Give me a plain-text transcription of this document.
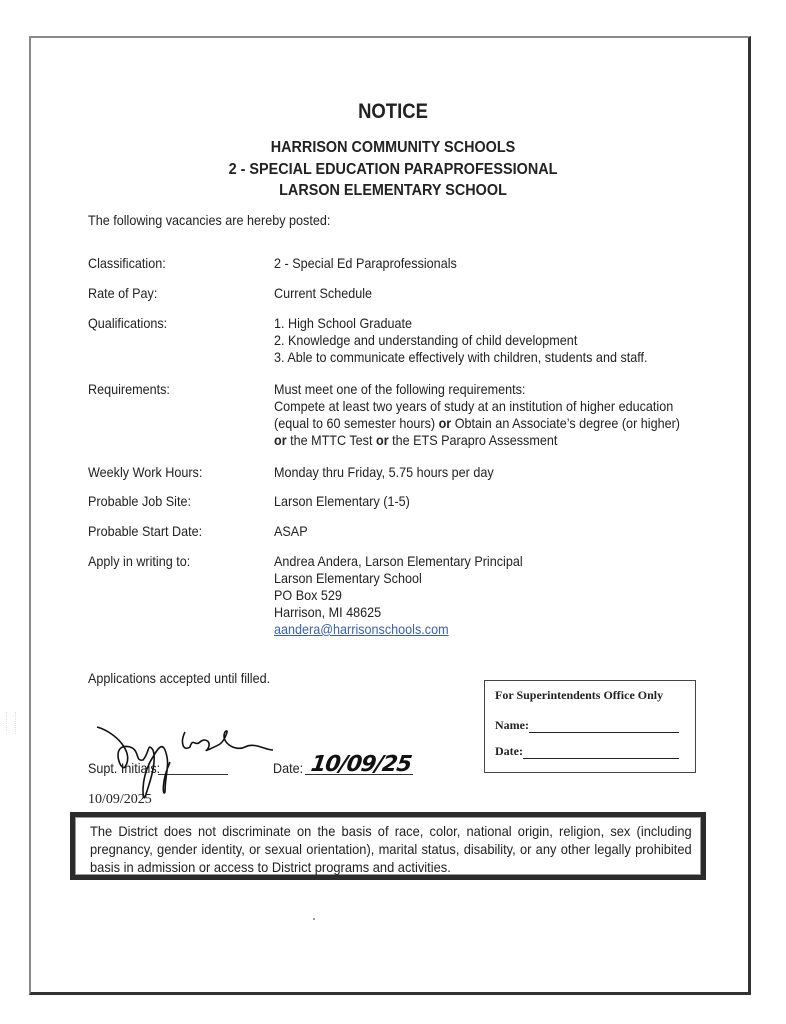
NOTICE
HARRISON COMMUNITY SCHOOLS
2 - SPECIAL EDUCATION PARAPROFESSIONAL
LARSON ELEMENTARY SCHOOL
The following vacancies are hereby posted:
Classification:	2 - Special Ed Paraprofessionals
Rate of Pay:	Current Schedule
Qualifications:	1. High School Graduate
2. Knowledge and understanding of child development
3. Able to communicate effectively with children, students and staff.
Requirements:	Must meet one of the following requirements:
Compete at least two years of study at an institution of higher education
(equal to 60 semester hours) or Obtain an Associate’s degree (or higher)
or the MTTC Test or the ETS Parapro Assessment
Weekly Work Hours:	Monday thru Friday, 5.75 hours per day
Probable Job Site:	Larson Elementary (1-5)
Probable Start Date:	ASAP
Apply in writing to:	Andrea Andera, Larson Elementary Principal
Larson Elementary School
PO Box 529
Harrison, MI 48625
aandera@harrisonschools.com
Applications accepted until filled.
For Superintendents Office Only
Name:
Date:
Supt. Initials:	Date: 10/09/25
10/09/2025
The District does not discriminate on the basis of race, color, national origin, religion, sex (including pregnancy, gender identity, or sexual orientation), marital status, disability, or any other legally prohibited basis in admission or access to District programs and activities.
